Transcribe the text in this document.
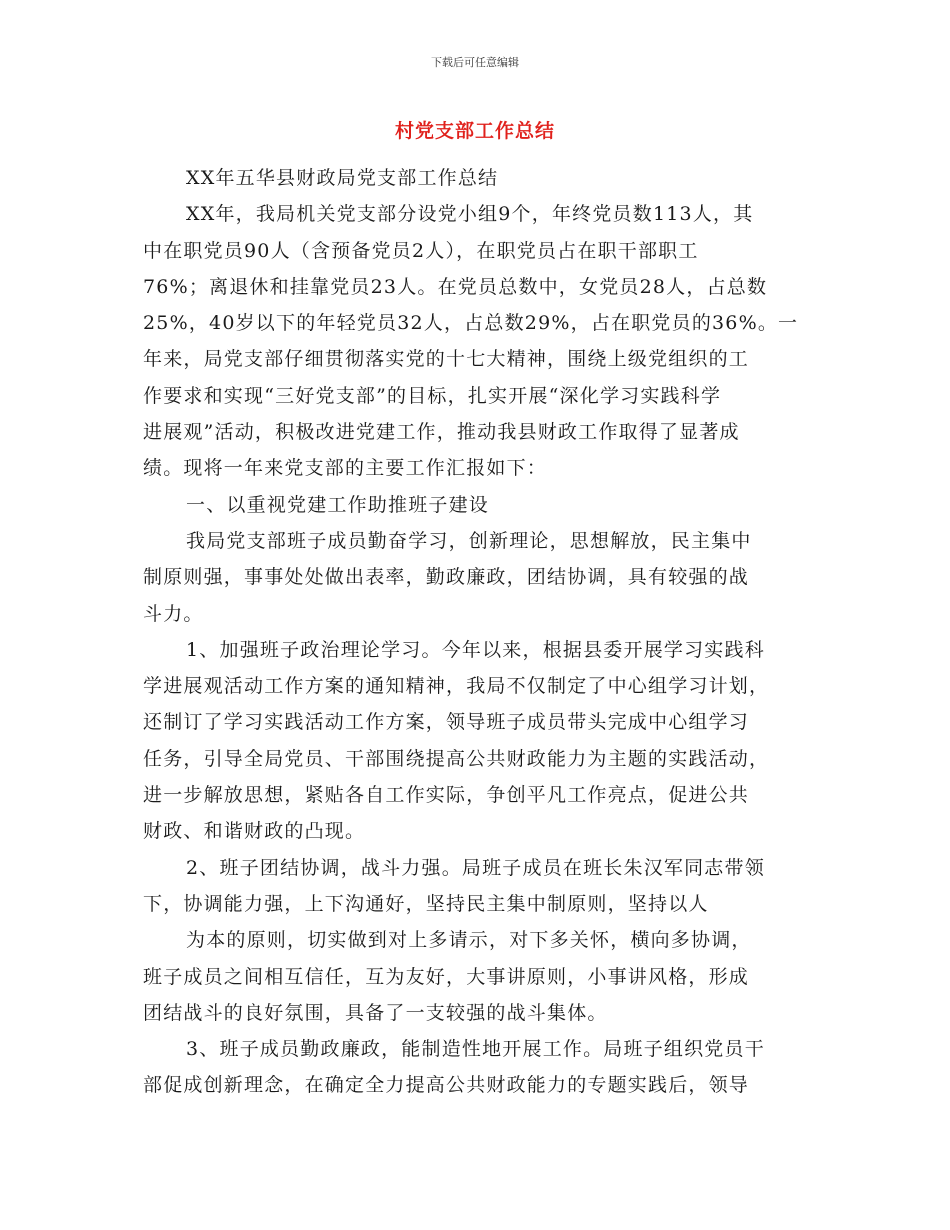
下载后可任意编辑
村党支部工作总结
XX年五华县财政局党支部工作总结
XX年，我局机关党支部分设党小组9个，年终党员数113人，其
中在职党员90人（含预备党员2人），在职党员占在职干部职工
76%；离退休和挂靠党员23人。在党员总数中，女党员28人，占总数
25%，40岁以下的年轻党员32人，占总数29%，占在职党员的36%。一
年来，局党支部仔细贯彻落实党的十七大精神，围绕上级党组织的工
作要求和实现“三好党支部”的目标，扎实开展“深化学习实践科学
进展观”活动，积极改进党建工作，推动我县财政工作取得了显著成
绩。现将一年来党支部的主要工作汇报如下：
一、以重视党建工作助推班子建设
我局党支部班子成员勤奋学习，创新理论，思想解放，民主集中
制原则强，事事处处做出表率，勤政廉政，团结协调，具有较强的战
斗力。
1、加强班子政治理论学习。今年以来，根据县委开展学习实践科
学进展观活动工作方案的通知精神，我局不仅制定了中心组学习计划，
还制订了学习实践活动工作方案，领导班子成员带头完成中心组学习
任务，引导全局党员、干部围绕提高公共财政能力为主题的实践活动，
进一步解放思想，紧贴各自工作实际，争创平凡工作亮点，促进公共
财政、和谐财政的凸现。
2、班子团结协调，战斗力强。局班子成员在班长朱汉军同志带领
下，协调能力强，上下沟通好，坚持民主集中制原则，坚持以人
为本的原则，切实做到对上多请示，对下多关怀，横向多协调，
班子成员之间相互信任，互为友好，大事讲原则，小事讲风格，形成
团结战斗的良好氛围，具备了一支较强的战斗集体。
3、班子成员勤政廉政，能制造性地开展工作。局班子组织党员干
部促成创新理念，在确定全力提高公共财政能力的专题实践后，领导
